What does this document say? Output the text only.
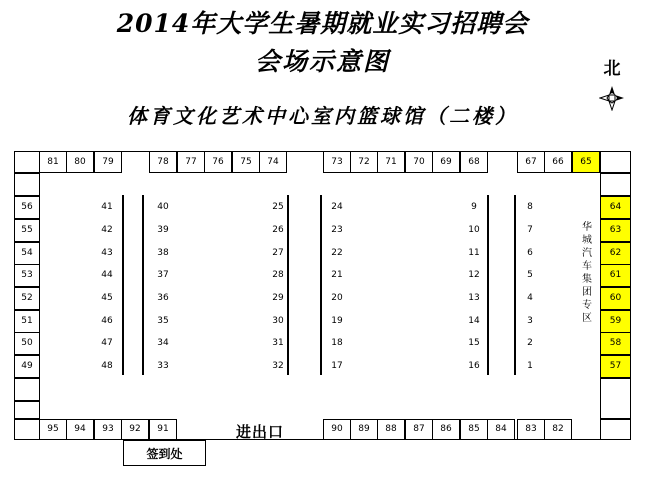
2014年大学生暑期就业实习招聘会
会场示意图
体育文化艺术中心室内篮球馆（二楼）
北
81	80	79	78	77	76	75	74	73	72	71	70	69	68	67	66	65
56
55
54
53
52
51
50
49
64
63
62
61
60
59
58
57
95	94	93	92	91	90	89	88	87	86	85	84	83	82
41
42
43
44
45
46
47
48
40
39
38
37
36
35
34
33
25
26
27
28
29
30
31
32
24
23
22
21
20
19
18
17
9
10
11
12
13
14
15
16
8
7
6
5
4
3
2
1
华
城
汽
车
集
团
专
区
进出口
签到处
